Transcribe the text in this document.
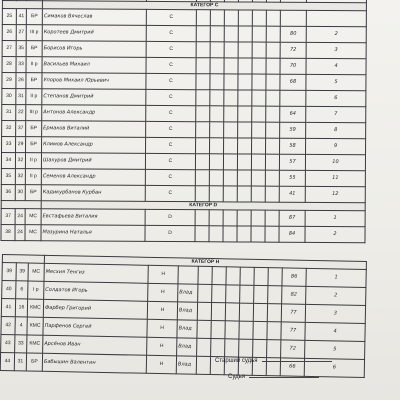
			КАТЕГОР С									
25	41	БР	Симаков Вячеслав	C								
26	27	III р	Коротеев Дмитрий	C							80	2
27	35	БР	Борисов Игорь	C							72	3
28	33	II р	Васильев Михаил	C							70	4
29	26	БР	Упоров Михаил Юрьевич	C							68	5
30	31	II р	Степанов Дмитрий	C								6
31	22	III р	Антонов Александр	C							64	7
32	37	БР	Ермаков Виталий	C							59	8
33	29	БР	Климов Александр	C							58	9
34	32	II р	Шахуров Дмитрий	C							57	10
35	32	II р	Семенов Александр	C							55	11
36	30	БР	Кадикурбанов Курбан	C							41	12
			КАТЕГОР D									
37	24	МС	Евстафьева Виталия	D							87	1
38	24	МС	Мазурина Наталья	D							84	2
			КАТЕГОР Н										
39	39	МС	Месхия Тенгиз	H								86	1
40	6	I р	Солдатов Игорь	H	Влад							82	2
41	16	КМС	Фарбер Григорий	H	Влад							77	3
42	4	КМС	Парфенов Сергей	H	Влад							77	4
43	33	КМС	Арсёнов Иван	H	Влад							72	5
44	31	БР	Бабышин Валентин	H	Влад							66	6
Старший судья
Судья
